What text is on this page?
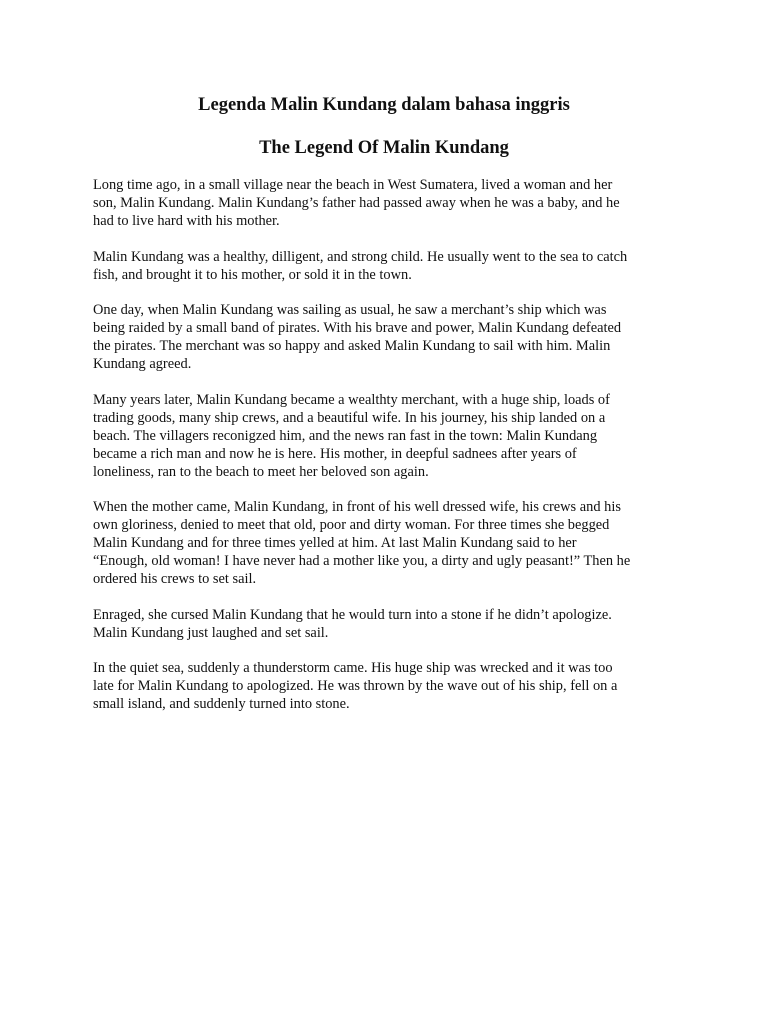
Legenda Malin Kundang dalam bahasa inggris
The Legend Of Malin Kundang

Long time ago, in a small village near the beach in West Sumatera, lived a woman and her
son, Malin Kundang. Malin Kundang’s father had passed away when he was a baby, and he
had to live hard with his mother.

Malin Kundang was a healthy, dilligent, and strong child. He usually went to the sea to catch
fish, and brought it to his mother, or sold it in the town.

One day, when Malin Kundang was sailing as usual, he saw a merchant’s ship which was
being raided by a small band of pirates. With his brave and power, Malin Kundang defeated
the pirates. The merchant was so happy and asked Malin Kundang to sail with him. Malin
Kundang agreed.

Many years later, Malin Kundang became a wealthty merchant, with a huge ship, loads of
trading goods, many ship crews, and a beautiful wife. In his journey, his ship landed on a
beach. The villagers reconigzed him, and the news ran fast in the town: Malin Kundang
became a rich man and now he is here. His mother, in deepful sadnees after years of
loneliness, ran to the beach to meet her beloved son again.

When the mother came, Malin Kundang, in front of his well dressed wife, his crews and his
own gloriness, denied to meet that old, poor and dirty woman. For three times she begged
Malin Kundang and for three times yelled at him. At last Malin Kundang said to her
“Enough, old woman! I have never had a mother like you, a dirty and ugly peasant!” Then he
ordered his crews to set sail.

Enraged, she cursed Malin Kundang that he would turn into a stone if he didn’t apologize.
Malin Kundang just laughed and set sail.

In the quiet sea, suddenly a thunderstorm came. His huge ship was wrecked and it was too
late for Malin Kundang to apologized. He was thrown by the wave out of his ship, fell on a
small island, and suddenly turned into stone.
